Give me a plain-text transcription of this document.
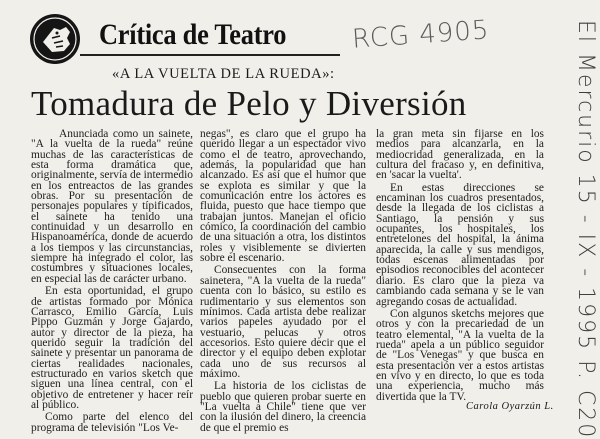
Crítica de Teatro RCG 4905	El Mercurio 15 - IX - 1995 P. C20
«A LA VUELTA DE LA RUEDA»:
Tomadura de Pelo y Diversión

Anunciada como un sainete, "A la vuelta de la rueda" reúne muchas de las características de esta forma dramática que, originalmente, servía de intermedio en los entreactos de las grandes obras. Por su presentación de personajes populares y típificados, el sainete ha tenido una continuidad y un desarrollo en Hispanoamérica, donde de acuerdo a los tiempos y las circunstancias, siempre ha integrado el color, las costumbres y situaciones locales, en especial las de carácter urbano.

En esta oportunidad, el grupo de artistas formado por Mónica Carrasco, Emilio García, Luis Pippo Guzmán y Jorge Gajardo, autor y director de la pieza, ha querido seguir la tradición del sainete y presentar un panorama de ciertas realidades nacionales, estructurado en varios sketch que siguen una línea central, con el objetivo de entretener y hacer reír al público.

Como parte del elenco del programa de televisión "Los Ve-

negas", es claro que el grupo ha querido llegar a un espectador vivo como el de teatro, aprovechando, además, la popularidad que han alcanzado. Es así que el humor que se explota es similar y que la comunicación entre los actores es fluida, puesto que hace tiempo que trabajan juntos. Manejan el oficio cómico, la coordinación del cambio de una situación a otra, los distintos roles y visiblemente se divierten sobre el escenario.

Consecuentes con la forma sainetera, "A la vuelta de la rueda" cuenta con lo básico, su estilo es rudimentario y sus elementos son mínimos. Cada artista debe realizar varios papeles ayudado por el vestuario, pelucas y otros accesorios. Esto quiere decir que el director y el equipo deben explotar cada uno de sus recursos al máximo.

La historia de los ciclistas de pueblo que quieren probar suerte en "La vuelta a Chile" tiene que ver con la ilusión del dinero, la creencia de que el premio es

la gran meta sin fijarse en los medios para alcanzarla, en la mediocridad generalizada, en la cultura del fracaso y, en definitiva, en 'sacar la vuelta'.

En estas direcciones se encaminan los cuadros presentados, desde la llegada de los ciclistas a Santiago, la pensión y sus ocupantes, los hospitales, los entretelones del hospital, la ánima aparecida, la calle y sus mendigos, todas escenas alimentadas por episodios reconocibles del acontecer diario. Es claro que la pieza va cambiando cada semana y se le van agregando cosas de actualidad.

Con algunos sketchs mejores que otros y con la precariedad de un teatro elemental, "A la vuelta de la rueda" apela a un público seguidor de "Los Venegas" y que busca en esta presentación ver a estos artistas en vivo y en directo, lo que es toda una experiencia, mucho más divertida que la TV.

Carola Oyarzún L.
